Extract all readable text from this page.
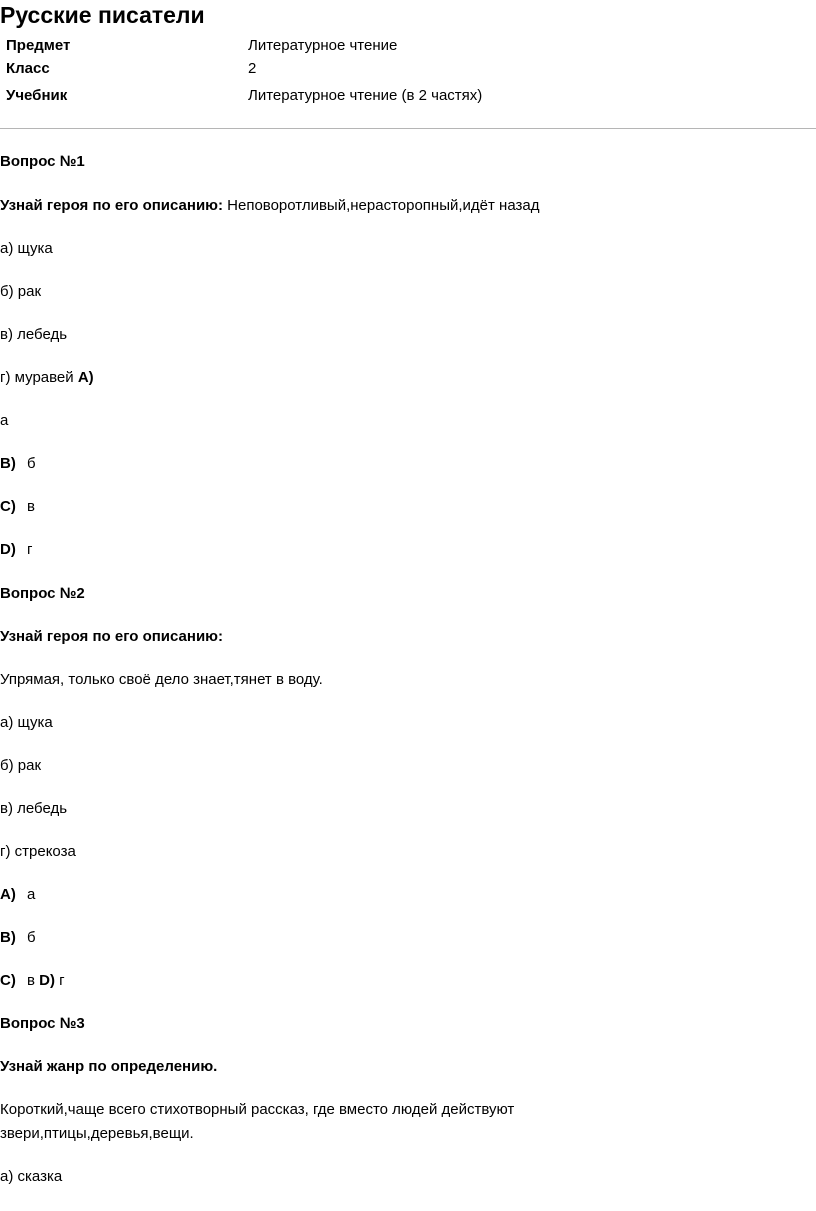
Русские писатели
Предмет	Литературное чтение
Класс	2
Учебник	Литературное чтение (в 2 частях)
Вопрос №1
Узнай героя по его описанию: Неповоротливый,нерасторопный,идёт назад
а) щука
б) рак
в) лебедь
г) муравей А)
а
B) б
C) в
D) г
Вопрос №2
Узнай героя по его описанию:
Упрямая, только своё дело знает,тянет в воду.
а) щука
б) рак
в) лебедь
г) стрекоза
A) а
B) б
C) в D) г
Вопрос №3
Узнай жанр по определению.
Короткий,чаще всего стихотворный рассказ, где вместо людей действуют
звери,птицы,деревья,вещи.
а) сказка
